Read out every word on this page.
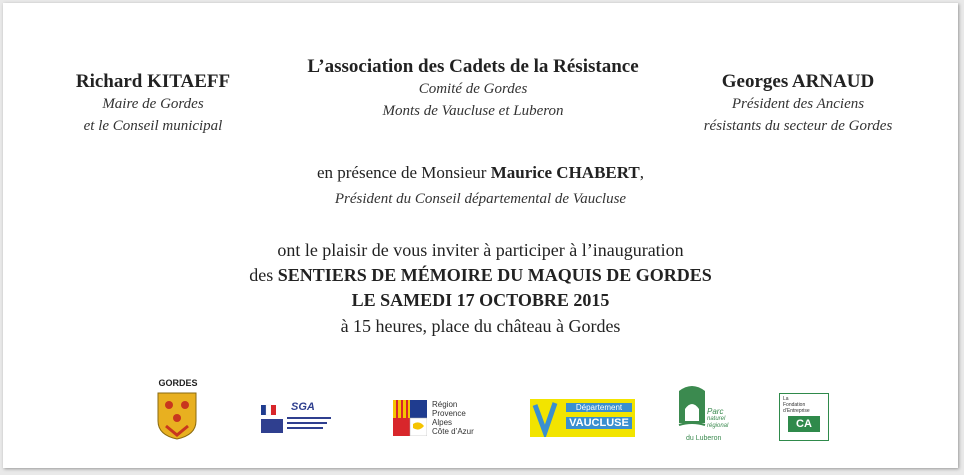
Richard KITAEFF
Maire de Gordes
et le Conseil municipal
L’association des Cadets de la Résistance
Comité de Gordes
Monts de Vaucluse et Luberon
Georges ARNAUD
Président des Anciens
résistants du secteur de Gordes
en présence de Monsieur Maurice CHABERT,
Président du Conseil départemental de Vaucluse
ont le plaisir de vous inviter à participer à l’inauguration
des SENTIERS DE MÉMOIRE DU MAQUIS DE GORDES
LE SAMEDI 17 OCTOBRE 2015
à 15 heures, place du château à Gordes
GORDES
SGA	Région
Provence
Alpes
Côte d’Azur
Département
VAUCLUSE
Parc
naturel
régional
du Luberon
La
Fondation
d’Entreprise
CA
